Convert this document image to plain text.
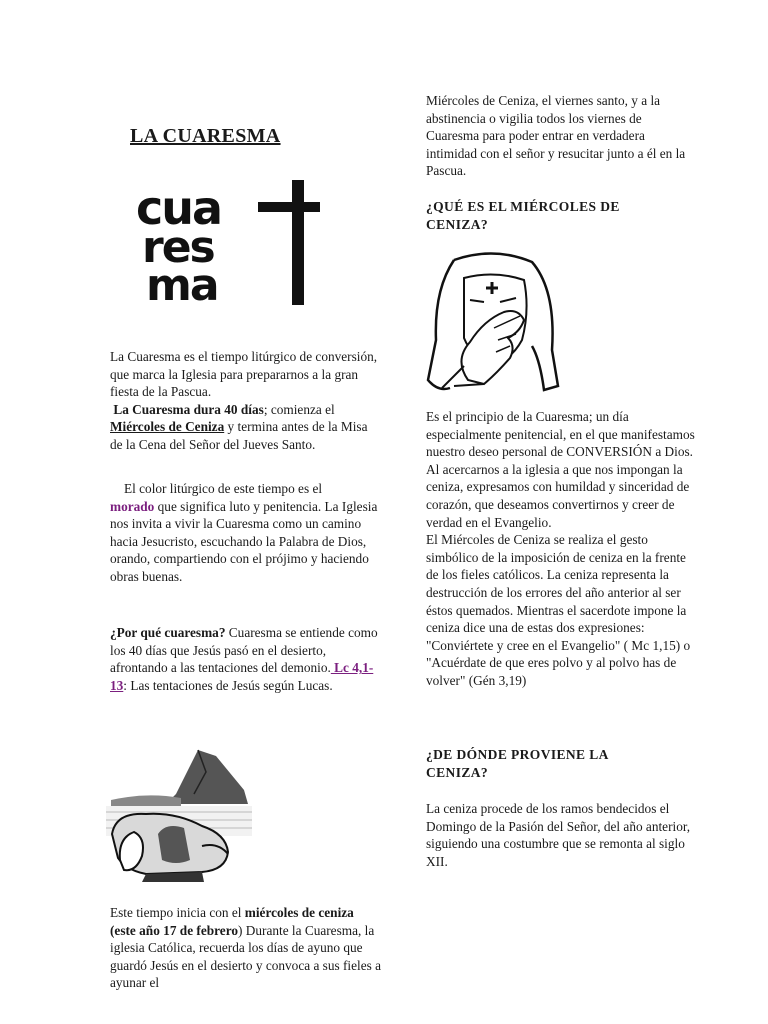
LA CUARESMA
cua
res
ma

La Cuaresma es el tiempo litúrgico de conversión, que marca la Iglesia para prepararnos a la gran fiesta de la Pascua.

La Cuaresma dura 40 días; comienza el
Miércoles de Ceniza y termina antes de la Misa de la Cena del Señor del Jueves Santo.

El color litúrgico de este tiempo es el
morado que significa luto y penitencia. La Iglesia nos invita a vivir la Cuaresma como un camino hacia Jesucristo, escuchando la Palabra de Dios, orando, compartiendo con el prójimo y haciendo obras buenas.

¿Por qué cuaresma? Cuaresma se entiende como los 40 días que Jesús pasó en el desierto, afrontando a las tentaciones del demonio. Lc 4,1-13: Las tentaciones de Jesús según Lucas.

Este tiempo inicia con el miércoles de ceniza (este año 17 de febrero) Durante la Cuaresma, la iglesia Católica, recuerda los días de ayuno que guardó Jesús en el desierto y convoca a sus fieles a ayunar el

Miércoles de Ceniza, el viernes santo, y a la abstinencia o vigilia todos los viernes de Cuaresma para poder entrar en verdadera intimidad con el señor y resucitar junto a él en la Pascua.

¿QUÉ ES EL MIÉRCOLES DE CENIZA?

Es el principio de la Cuaresma; un día especialmente penitencial, en el que manifestamos nuestro deseo personal de CONVERSIÓN a Dios. Al acercarnos a la iglesia a que nos impongan la ceniza, expresamos con humildad y sinceridad de corazón, que deseamos convertirnos y creer de verdad en el Evangelio.

El Miércoles de Ceniza se realiza el gesto simbólico de la imposición de ceniza en la frente de los fieles católicos. La ceniza representa la destrucción de los errores del año anterior al ser éstos quemados. Mientras el sacerdote impone la ceniza dice una de estas dos expresiones: "Conviértete y cree en el Evangelio" ( Mc 1,15) o "Acuérdate de que eres polvo y al polvo has de volver" (Gén 3,19)

¿DE DÓNDE PROVIENE LA CENIZA?

La ceniza procede de los ramos bendecidos el Domingo de la Pasión del Señor, del año anterior, siguiendo una costumbre que se remonta al siglo XII.
